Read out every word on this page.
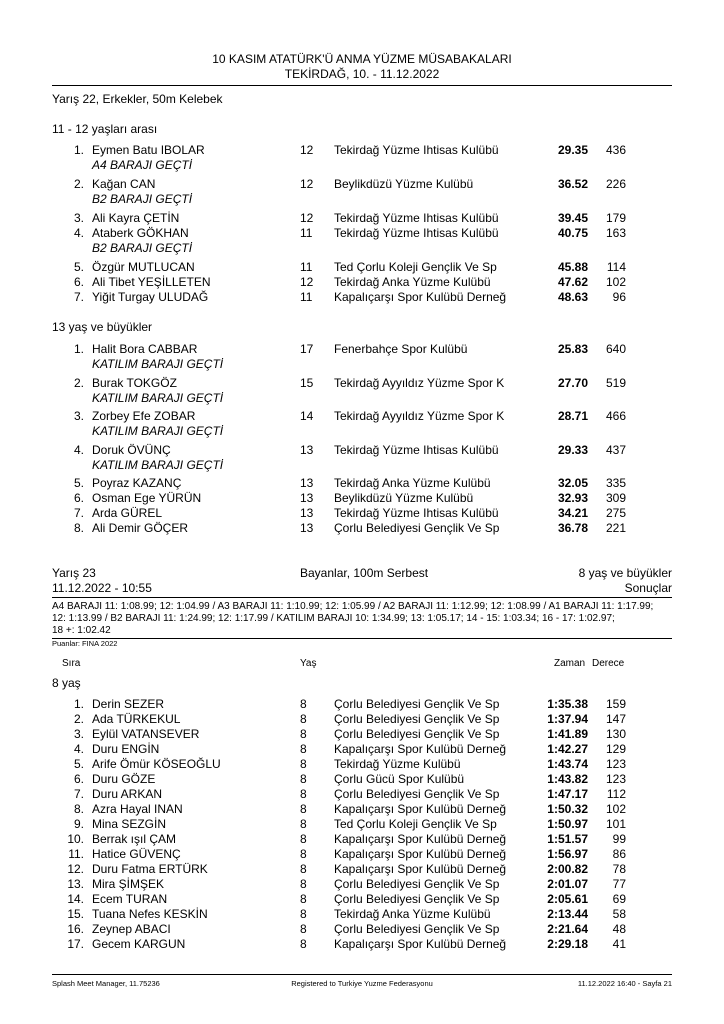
10 KASIM ATATÜRK'Ü ANMA YÜZME MÜSABAKALARI
TEKİRDAĞ, 10. - 11.12.2022
Yarış 22, Erkekler, 50m Kelebek
11 - 12 yaşları arası
1. Eymen Batu IBOLAR	12 Tekirdağ Yüzme Ihtisas Kulübü	29.35	436
A4 BARAJI GEÇTİ
2. Kağan CAN	12 Beylikdüzü Yüzme Kulübü	36.52	226
B2 BARAJI GEÇTİ
3. Ali Kayra ÇETİN	12 Tekirdağ Yüzme Ihtisas Kulübü	39.45	179
4. Ataberk GÖKHAN	11 Tekirdağ Yüzme Ihtisas Kulübü	40.75	163
B2 BARAJI GEÇTİ
5. Özgür MUTLUCAN	11 Ted Çorlu Koleji Gençlik Ve Sp	45.88	114
6. Ali Tibet YEŞİLLETEN	12 Tekirdağ Anka Yüzme Kulübü	47.62	102
7. Yiğit Turgay ULUDAĞ	11 Kapalıçarşı Spor Kulübü Derneğ	48.63	96
13 yaş ve büyükler
1. Halit Bora CABBAR	17 Fenerbahçe Spor Kulübü	25.83	640
KATILIM BARAJI GEÇTİ
2. Burak TOKGÖZ	15 Tekirdağ Ayyıldız Yüzme Spor K	27.70	519
KATILIM BARAJI GEÇTİ
3. Zorbey Efe ZOBAR	14 Tekirdağ Ayyıldız Yüzme Spor K	28.71	466
KATILIM BARAJI GEÇTİ
4. Doruk ÖVÜNÇ	13 Tekirdağ Yüzme Ihtisas Kulübü	29.33	437
KATILIM BARAJI GEÇTİ
5. Poyraz KAZANÇ	13 Tekirdağ Anka Yüzme Kulübü	32.05	335
6. Osman Ege YÜRÜN	13 Beylikdüzü Yüzme Kulübü	32.93	309
7. Arda GÜREL	13 Tekirdağ Yüzme Ihtisas Kulübü	34.21	275
8. Ali Demir GÖÇER	13 Çorlu Belediyesi Gençlik Ve Sp	36.78	221
Yarış 23
11.12.2022 - 10:55
Bayanlar, 100m Serbest	8 yaş ve büyükler
Sonuçlar
A4 BARAJI 11: 1:08.99; 12: 1:04.99 / A3 BARAJI 11: 1:10.99; 12: 1:05.99 / A2 BARAJI 11: 1:12.99; 12: 1:08.99 / A1 BARAJI 11: 1:17.99;
12: 1:13.99 / B2 BARAJI 11: 1:24.99; 12: 1:17.99 / KATILIM BARAJI 10: 1:34.99; 13: 1:05.17; 14 - 15: 1:03.34; 16 - 17: 1:02.97;
18 +: 1:02.42
Puanlar: FINA 2022
Sıra	Yaş	Zaman Derece
8 yaş
1. Derin SEZER	8 Çorlu Belediyesi Gençlik Ve Sp	1:35.38	159
2. Ada TÜRKEKUL	8 Çorlu Belediyesi Gençlik Ve Sp	1:37.94	147
3. Eylül VATANSEVER	8 Çorlu Belediyesi Gençlik Ve Sp	1:41.89	130
4. Duru ENGİN	8 Kapalıçarşı Spor Kulübü Derneğ	1:42.27	129
5. Arife Ömür KÖSEOĞLU	8 Tekirdağ Yüzme Kulübü	1:43.74	123
6. Duru GÖZE	8 Çorlu Gücü Spor Kulübü	1:43.82	123
7. Duru ARKAN	8 Çorlu Belediyesi Gençlik Ve Sp	1:47.17	112
8. Azra Hayal INAN	8 Kapalıçarşı Spor Kulübü Derneğ	1:50.32	102
9. Mina SEZGİN	8 Ted Çorlu Koleji Gençlik Ve Sp	1:50.97	101
10. Berrak ışıl ÇAM	8 Kapalıçarşı Spor Kulübü Derneğ	1:51.57	99
11. Hatice GÜVENÇ	8 Kapalıçarşı Spor Kulübü Derneğ	1:56.97	86
12. Duru Fatma ERTÜRK	8 Kapalıçarşı Spor Kulübü Derneğ	2:00.82	78
13. Mira ŞİMŞEK	8 Çorlu Belediyesi Gençlik Ve Sp	2:01.07	77
14. Ecem TURAN	8 Çorlu Belediyesi Gençlik Ve Sp	2:05.61	69
15. Tuana Nefes KESKİN	8 Tekirdağ Anka Yüzme Kulübü	2:13.44	58
16. Zeynep ABACI	8 Çorlu Belediyesi Gençlik Ve Sp	2:21.64	48
17. Gecem KARGUN	8 Kapalıçarşı Spor Kulübü Derneğ	2:29.18	41
Splash Meet Manager, 11.75236	Registered to Turkiye Yuzme Federasyonu	11.12.2022 16:40 - Sayfa 21
